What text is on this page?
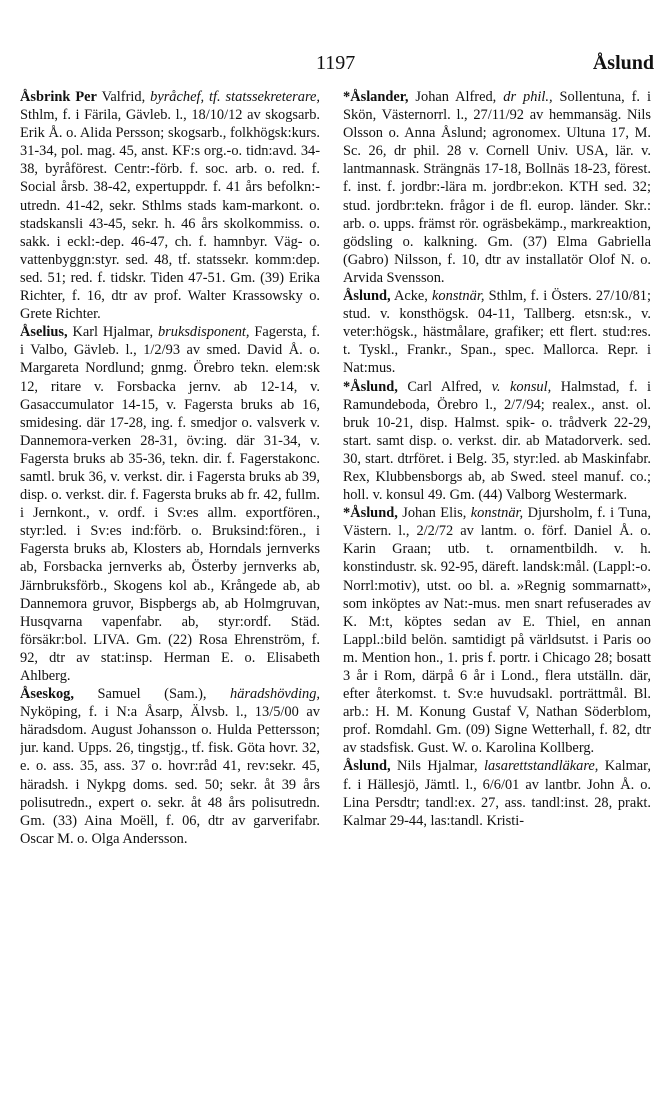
1197	Åslund

Åsbrink Per Valfrid, byråchef, tf. statssekreterare, Sthlm, f. i Färila, Gävleb. l., 18/10/12 av skogsarb. Erik Å. o. Alida Persson; skogsarb., folkhögsk:kurs. 31-34, pol. mag. 45, anst. KF:s org.-o. tidn:avd. 34-38, byråförest. Centr:-förb. f. soc. arb. o. red. f. Social årsb. 38-42, expertuppdr. f. 41 års befolkn:-utredn. 41-42, sekr. Sthlms stads kam-markont. o. stadskansli 43-45, sekr. h. 46 års skolkommiss. o. sakk. i eckl:-dep. 46-47, ch. f. hamnbyr. Väg- o. vattenbyggn:styr. sed. 48, tf. statssekr. komm:dep. sed. 51; red. f. tidskr. Tiden 47-51. Gm. (39) Erika Richter, f. 16, dtr av prof. Walter Krassowsky o. Grete Richter.

Åselius, Karl Hjalmar, bruksdisponent, Fagersta, f. i Valbo, Gävleb. l., 1/2/93 av smed. David Å. o. Margareta Nordlund; gnmg. Örebro tekn. elem:sk 12, ritare v. Forsbacka jernv. ab 12-14, v. Gasaccumulator 14-15, v. Fagersta bruks ab 16, smidesing. där 17-28, ing. f. smedjor o. valsverk v. Dannemora-verken 28-31, öv:ing. där 31-34, v. Fagersta bruks ab 35-36, tekn. dir. f. Fagerstakonc. samtl. bruk 36, v. verkst. dir. i Fagersta bruks ab 39, disp. o. verkst. dir. f. Fagersta bruks ab fr. 42, fullm. i Jernkont., v. ordf. i Sv:es allm. exportfören., styr:led. i Sv:es ind:förb. o. Bruksind:fören., i Fagersta bruks ab, Klosters ab, Horndals jernverks ab, Forsbacka jernverks ab, Österby jernverks ab, Järnbruksförb., Skogens kol ab., Krångede ab, ab Dannemora gruvor, Bispbergs ab, ab Holmgruvan, Husqvarna vapenfabr. ab, styr:ordf. Städ. försäkr:bol. LIVA. Gm. (22) Rosa Ehrenström, f. 92, dtr av stat:insp. Herman E. o. Elisabeth Ahlberg.

Åseskog, Samuel (Sam.), häradshövding, Nyköping, f. i N:a Åsarp, Älvsb. l., 13/5/00 av häradsdom. August Johansson o. Hulda Pettersson; jur. kand. Upps. 26, tingstjg., tf. fisk. Göta hovr. 32, e. o. ass. 35, ass. 37 o. hovr:råd 41, rev:sekr. 45, häradsh. i Nykpg doms. sed. 50; sekr. åt 39 års polisutredn., expert o. sekr. åt 48 års polisutredn. Gm. (33) Aina Moëll, f. 06, dtr av garverifabr. Oscar M. o. Olga Andersson.

*Åslander, Johan Alfred, dr phil., Sollentuna, f. i Skön, Västernorrl. l., 27/11/92 av hemmansäg. Nils Olsson o. Anna Åslund; agronomex. Ultuna 17, M. Sc. 26, dr phil. 28 v. Cornell Univ. USA, lär. v. lantmannask. Strängnäs 17-18, Bollnäs 18-23, förest. f. inst. f. jordbr:-lära m. jordbr:ekon. KTH sed. 32; stud. jordbr:tekn. frågor i de fl. europ. länder. Skr.: arb. o. upps. främst rör. ogräsbekämp., markreaktion, gödsling o. kalkning. Gm. (37) Elma Gabriella (Gabro) Nilsson, f. 10, dtr av installatör Olof N. o. Arvida Svensson.

Åslund, Acke, konstnär, Sthlm, f. i Östers. 27/10/81; stud. v. konsthögsk. 04-11, Tallberg. etsn:sk., v. veter:högsk., hästmålare, grafiker; ett flert. stud:res. t. Tyskl., Frankr., Span., spec. Mallorca. Repr. i Nat:mus.

*Åslund, Carl Alfred, v. konsul, Halmstad, f. i Ramundeboda, Örebro l., 2/7/94; realex., anst. ol. bruk 10-21, disp. Halmst. spik- o. trådverk 22-29, start. samt disp. o. verkst. dir. ab Matadorverk. sed. 30, start. dtrföret. i Belg. 35, styr:led. ab Maskinfabr. Rex, Klubbensborgs ab, ab Swed. steel manuf. co.; holl. v. konsul 49. Gm. (44) Valborg Westermark.

*Åslund, Johan Elis, konstnär, Djursholm, f. i Tuna, Västern. l., 2/2/72 av lantm. o. förf. Daniel Å. o. Karin Graan; utb. t. ornamentbildh. v. h. konstindustr. sk. 92-95, däreft. landsk:mål. (Lappl:-o. Norrl:motiv), utst. oo bl. a. »Regnig sommarnatt», som inköptes av Nat:-mus. men snart refuserades av K. M:t, köptes sedan av E. Thiel, en annan Lappl.:bild belön. samtidigt på världsutst. i Paris oo m. Mention hon., 1. pris f. portr. i Chicago 28; bosatt 3 år i Rom, därpå 6 år i Lond., flera utställn. där, efter återkomst. t. Sv:e huvudsakl. porträttmål. Bl. arb.: H. M. Konung Gustaf V, Nathan Söderblom, prof. Romdahl. Gm. (09) Signe Wetterhall, f. 82, dtr av stadsfisk. Gust. W. o. Karolina Kollberg.

Åslund, Nils Hjalmar, lasarettstandläkare, Kalmar, f. i Hällesjö, Jämtl. l., 6/6/01 av lantbr. John Å. o. Lina Persdtr; tandl:ex. 27, ass. tandl:inst. 28, prakt. Kalmar 29-44, las:tandl. Kristi-
